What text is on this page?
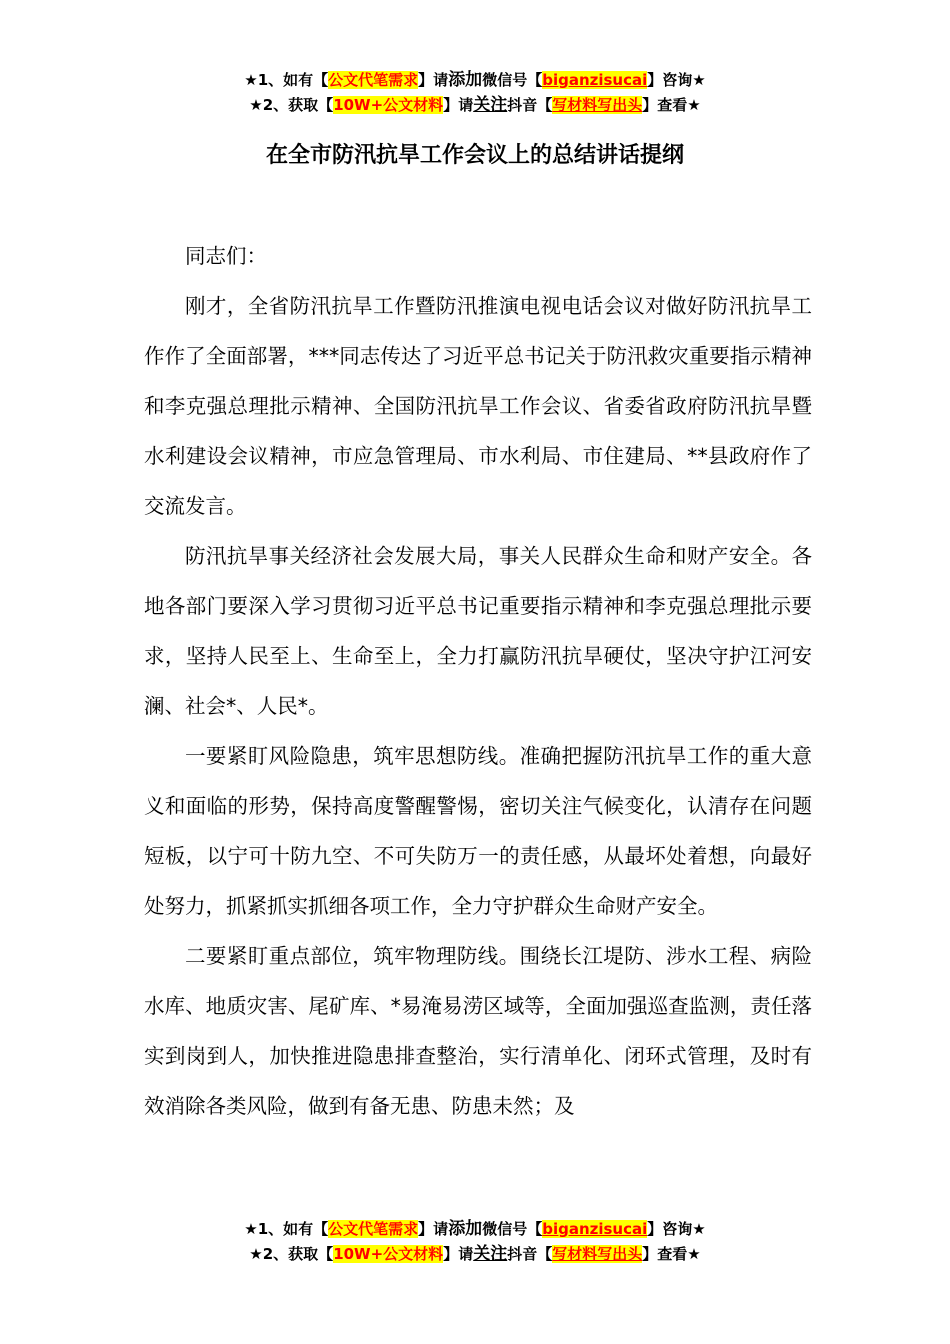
★1、如有【公文代笔需求】请添加微信号【biganzisucai】咨询★
★2、获取【10W+公文材料】请关注抖音【写材料写出头】查看★
在全市防汛抗旱工作会议上的总结讲话提纲

同志们：

刚才，全省防汛抗旱工作暨防汛推演电视电话会议对做好防汛抗旱工作作了全面部署，***同志传达了习近平总书记关于防汛救灾重要指示精神和李克强总理批示精神、全国防汛抗旱工作会议、省委省政府防汛抗旱暨水利建设会议精神，市应急管理局、市水利局、市住建局、**县政府作了交流发言。

防汛抗旱事关经济社会发展大局，事关人民群众生命和财产安全。各地各部门要深入学习贯彻习近平总书记重要指示精神和李克强总理批示要求，坚持人民至上、生命至上，全力打赢防汛抗旱硬仗，坚决守护江河安澜、社会*、人民*。

一要紧盯风险隐患，筑牢思想防线。准确把握防汛抗旱工作的重大意义和面临的形势，保持高度警醒警惕，密切关注气候变化，认清存在问题短板，以宁可十防九空、不可失防万一的责任感，从最坏处着想，向最好处努力，抓紧抓实抓细各项工作，全力守护群众生命财产安全。

二要紧盯重点部位，筑牢物理防线。围绕长江堤防、涉水工程、病险水库、地质灾害、尾矿库、*易淹易涝区域等，全面加强巡查监测，责任落实到岗到人，加快推进隐患排查整治，实行清单化、闭环式管理，及时有效消除各类风险，做到有备无患、防患未然；及

★1、如有【公文代笔需求】请添加微信号【biganzisucai】咨询★
★2、获取【10W+公文材料】请关注抖音【写材料写出头】查看★
